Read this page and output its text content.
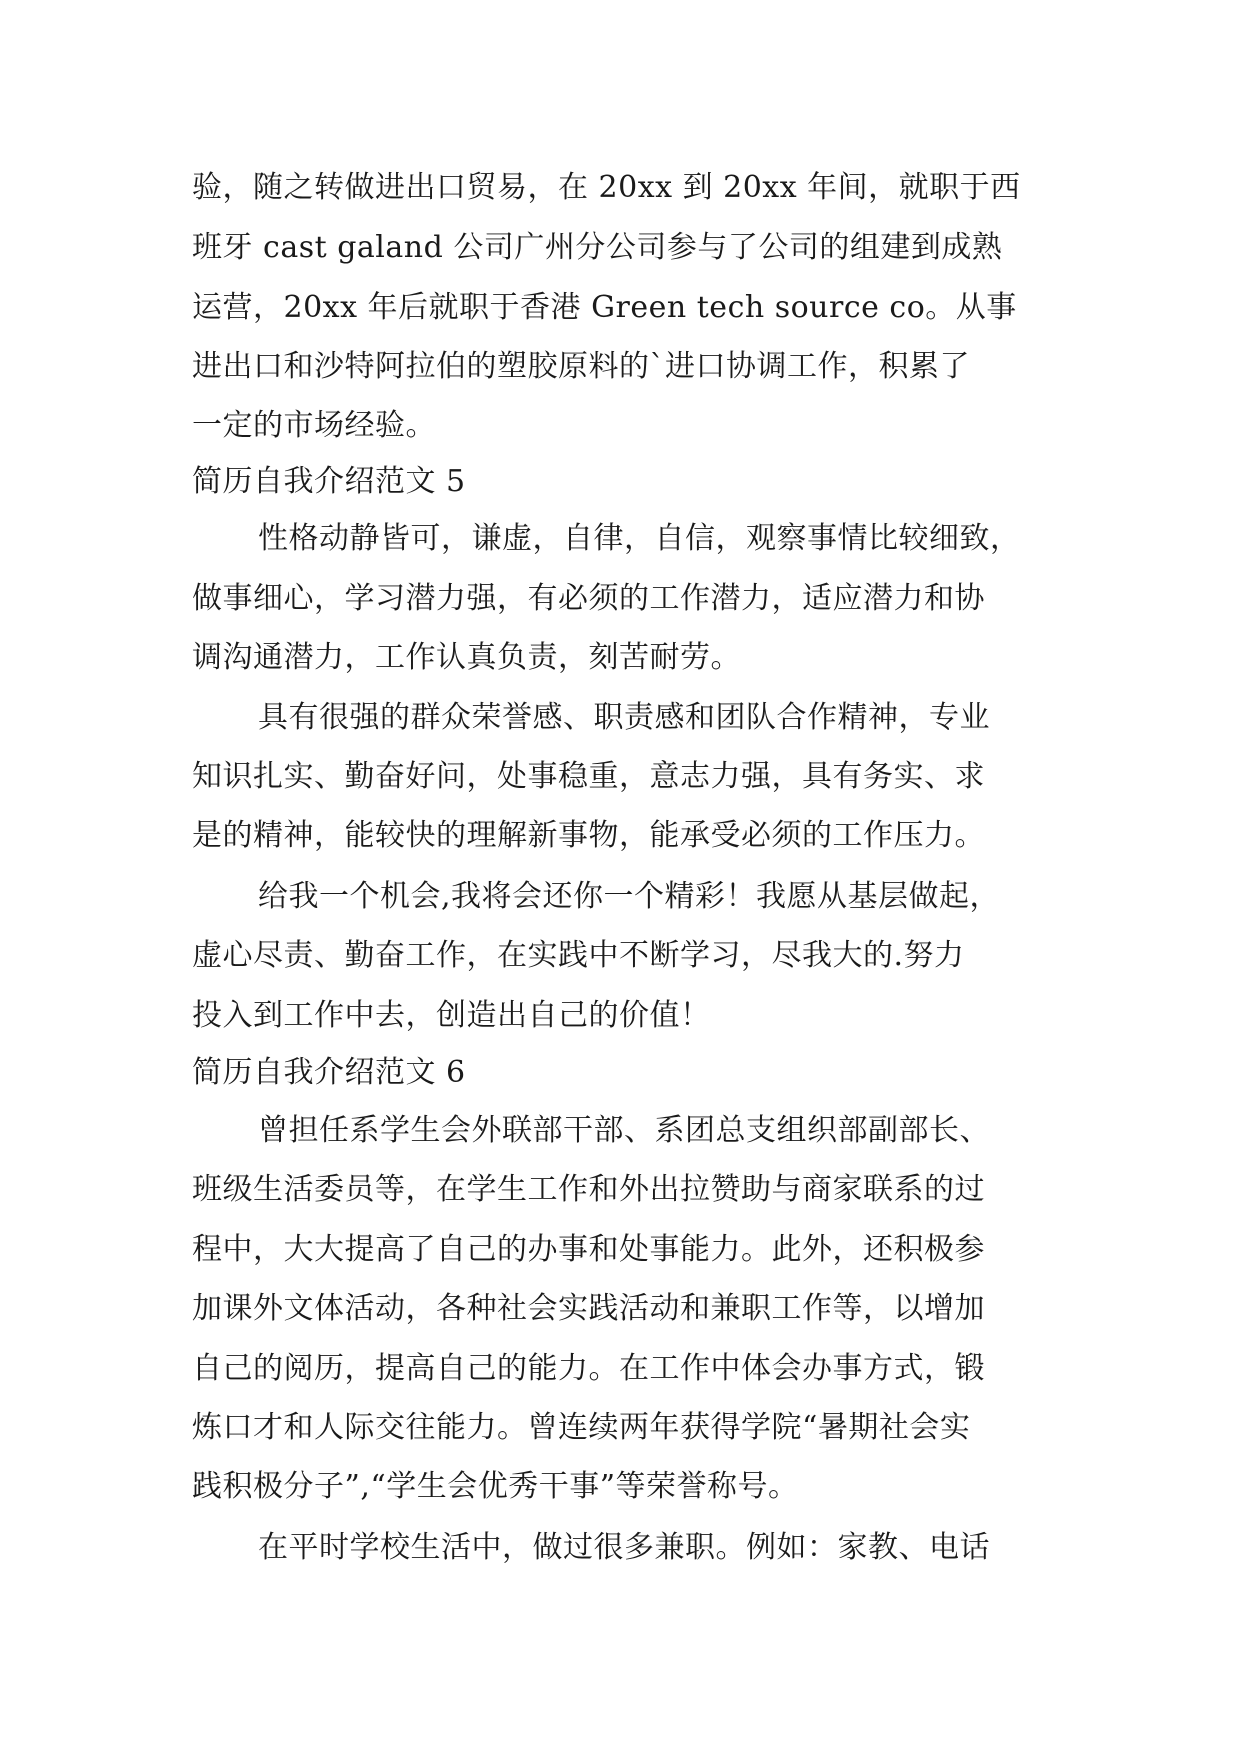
验，随之转做进出口贸易，在 20xx 到 20xx 年间，就职于西
班牙 cast galand 公司广州分公司参与了公司的组建到成熟
运营，20xx 年后就职于香港 Green tech source co。从事
进出口和沙特阿拉伯的塑胶原料的`进口协调工作，积累了
一定的市场经验。
简历自我介绍范文 5
性格动静皆可，谦虚，自律，自信，观察事情比较细致，
做事细心，学习潜力强，有必须的工作潜力，适应潜力和协
调沟通潜力，工作认真负责，刻苦耐劳。
具有很强的群众荣誉感、职责感和团队合作精神，专业
知识扎实、勤奋好问，处事稳重，意志力强，具有务实、求
是的精神，能较快的理解新事物，能承受必须的工作压力。
给我一个机会,我将会还你一个精彩！我愿从基层做起，
虚心尽责、勤奋工作，在实践中不断学习，尽我大的.努力
投入到工作中去，创造出自己的价值！
简历自我介绍范文 6
曾担任系学生会外联部干部、系团总支组织部副部长、
班级生活委员等，在学生工作和外出拉赞助与商家联系的过
程中，大大提高了自己的办事和处事能力。此外，还积极参
加课外文体活动，各种社会实践活动和兼职工作等，以增加
自己的阅历，提高自己的能力。在工作中体会办事方式，锻
炼口才和人际交往能力。曾连续两年获得学院“暑期社会实
践积极分子”,“学生会优秀干事”等荣誉称号。
在平时学校生活中，做过很多兼职。例如：家教、电话
